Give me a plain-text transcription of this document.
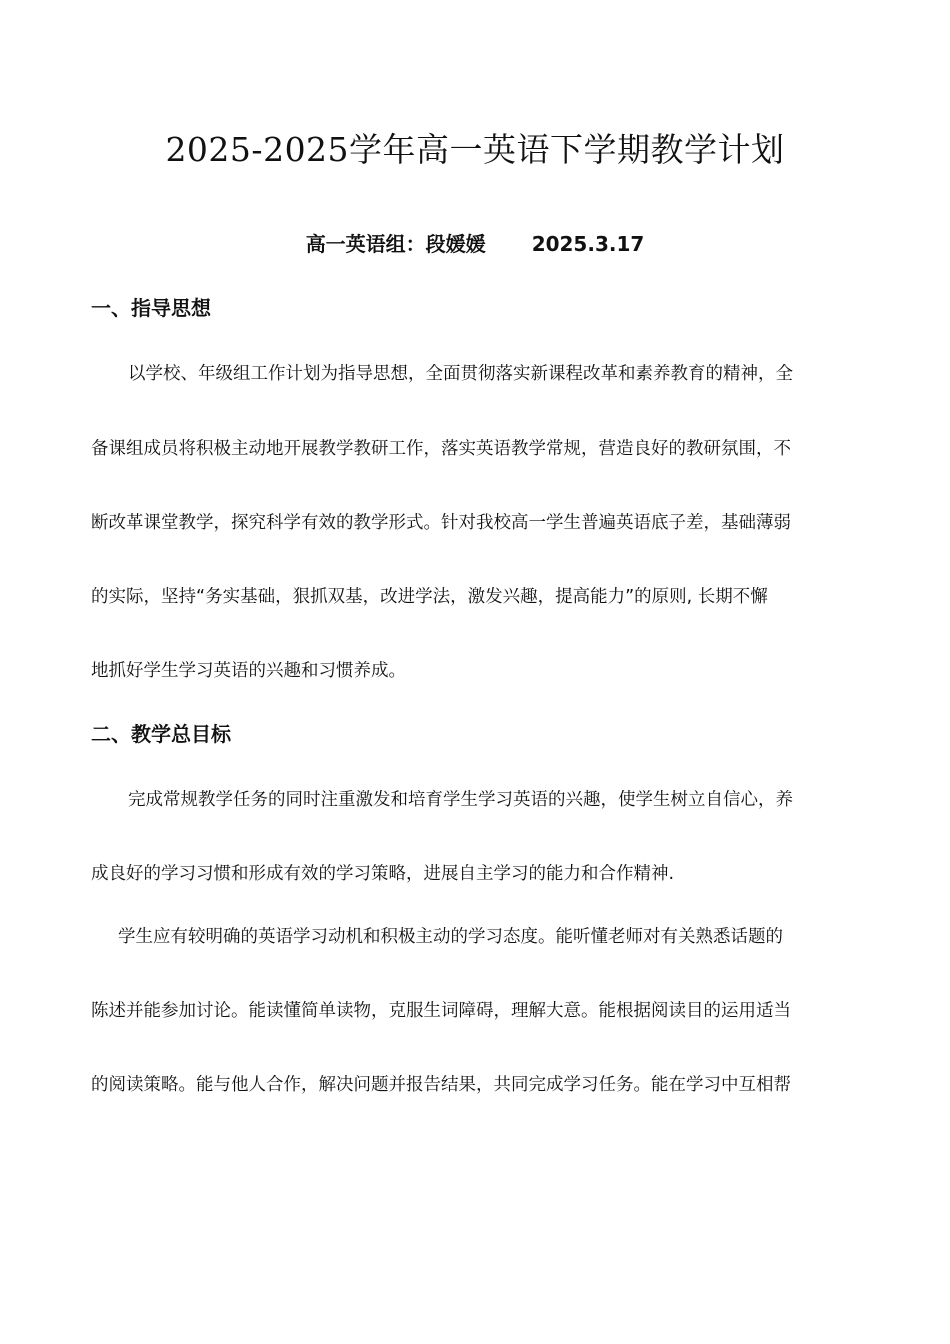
2025-2025学年高一英语下学期教学计划
高一英语组：段媛媛 2025.3.17
一、指导思想

以学校、年级组工作计划为指导思想，全面贯彻落实新课程改革和素养教育的精神，全

备课组成员将积极主动地开展教学教研工作，落实英语教学常规，营造良好的教研氛围，不

断改革课堂教学，探究科学有效的教学形式。针对我校高一学生普遍英语底子差，基础薄弱

的实际，坚持“务实基础，狠抓双基，改进学法，激发兴趣，提高能力”的原则, 长期不懈

地抓好学生学习英语的兴趣和习惯养成。

二、教学总目标

完成常规教学任务的同时注重激发和培育学生学习英语的兴趣，使学生树立自信心，养

成良好的学习习惯和形成有效的学习策略，进展自主学习的能力和合作精神.

学生应有较明确的英语学习动机和积极主动的学习态度。能听懂老师对有关熟悉话题的

陈述并能参加讨论。能读懂简单读物，克服生词障碍，理解大意。能根据阅读目的运用适当

的阅读策略。能与他人合作，解决问题并报告结果，共同完成学习任务。能在学习中互相帮
